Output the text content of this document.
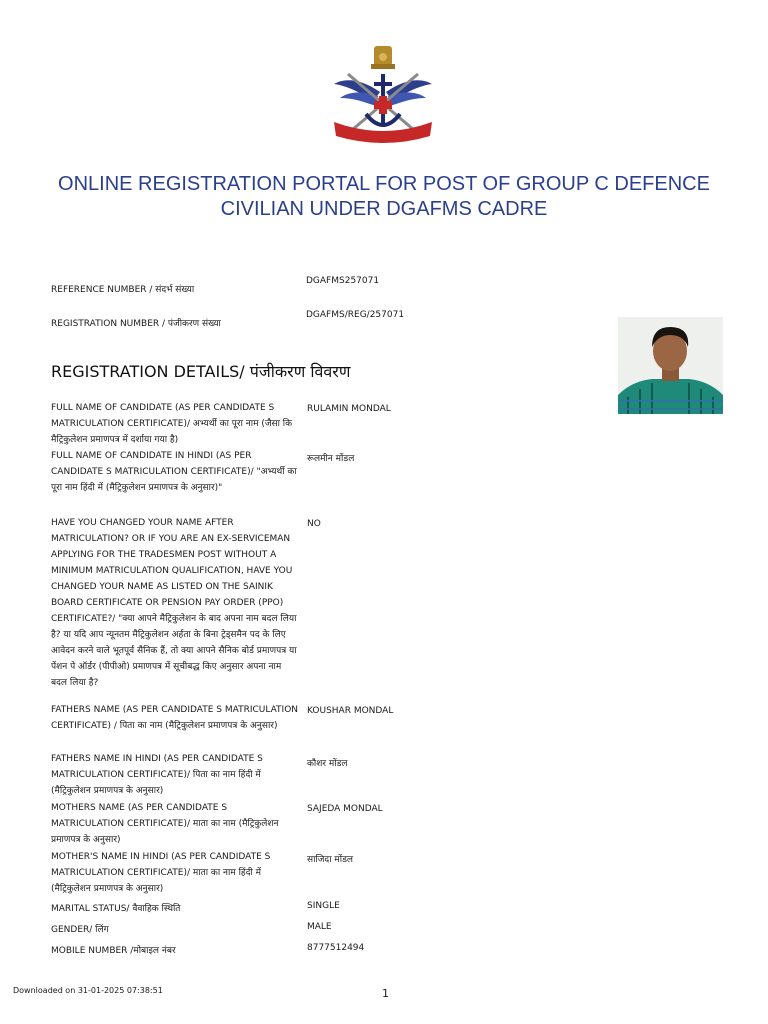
ONLINE REGISTRATION PORTAL FOR POST OF GROUP C DEFENCE
CIVILIAN UNDER DGAFMS CADRE
REFERENCE NUMBER / संदर्भ संख्या
DGAFMS257071
REGISTRATION NUMBER / पंजीकरण संख्या
DGAFMS/REG/257071
REGISTRATION DETAILS/ पंजीकरण विवरण
FULL NAME OF CANDIDATE (AS PER CANDIDATE S MATRICULATION CERTIFICATE)/ अभ्यर्थी का पूरा नाम (जैसा कि मैट्रिकुलेशन प्रमाणपत्र में दर्शाया गया है)
RULAMIN MONDAL
FULL NAME OF CANDIDATE IN HINDI (AS PER CANDIDATE S MATRICULATION CERTIFICATE)/ "अभ्यर्थी का पूरा नाम हिंदी में (मैट्रिकुलेशन प्रमाणपत्र के अनुसार)"
रूलमीन मोंडल
HAVE YOU CHANGED YOUR NAME AFTER MATRICULATION? OR IF YOU ARE AN EX-SERVICEMAN APPLYING FOR THE TRADESMEN POST WITHOUT A MINIMUM MATRICULATION QUALIFICATION, HAVE YOU CHANGED YOUR NAME AS LISTED ON THE SAINIK BOARD CERTIFICATE OR PENSION PAY ORDER (PPO) CERTIFICATE?/ "क्या आपने मैट्रिकुलेशन के बाद अपना नाम बदल लिया है? या यदि आप न्यूनतम मैट्रिकुलेशन अर्हता के बिना ट्रेड्समैन पद के लिए आवेदन करने वाले भूतपूर्व सैनिक हैं, तो क्या आपने सैनिक बोर्ड प्रमाणपत्र या पेंशन पे ऑर्डर (पीपीओ) प्रमाणपत्र में सूचीबद्ध किए अनुसार अपना नाम बदल लिया है?
NO
FATHERS NAME (AS PER CANDIDATE S MATRICULATION CERTIFICATE) / पिता का नाम (मैट्रिकुलेशन प्रमाणपत्र के अनुसार)
KOUSHAR MONDAL
FATHERS NAME IN HINDI (AS PER CANDIDATE S MATRICULATION CERTIFICATE)/ पिता का नाम हिंदी में (मैट्रिकुलेशन प्रमाणपत्र के अनुसार)
कौशर मोंडल
MOTHERS NAME (AS PER CANDIDATE S MATRICULATION CERTIFICATE)/ माता का नाम (मैट्रिकुलेशन प्रमाणपत्र के अनुसार)
SAJEDA MONDAL
MOTHER'S NAME IN HINDI (AS PER CANDIDATE S MATRICULATION CERTIFICATE)/ माता का नाम हिंदी में (मैट्रिकुलेशन प्रमाणपत्र के अनुसार)
साजिदा मोंडल
MARITAL STATUS/ वैवाहिक स्थिति	SINGLE
GENDER/ लिंग	MALE
MOBILE NUMBER /मोबाइल नंबर	8777512494
Downloaded on 31-01-2025 07:38:51	1
